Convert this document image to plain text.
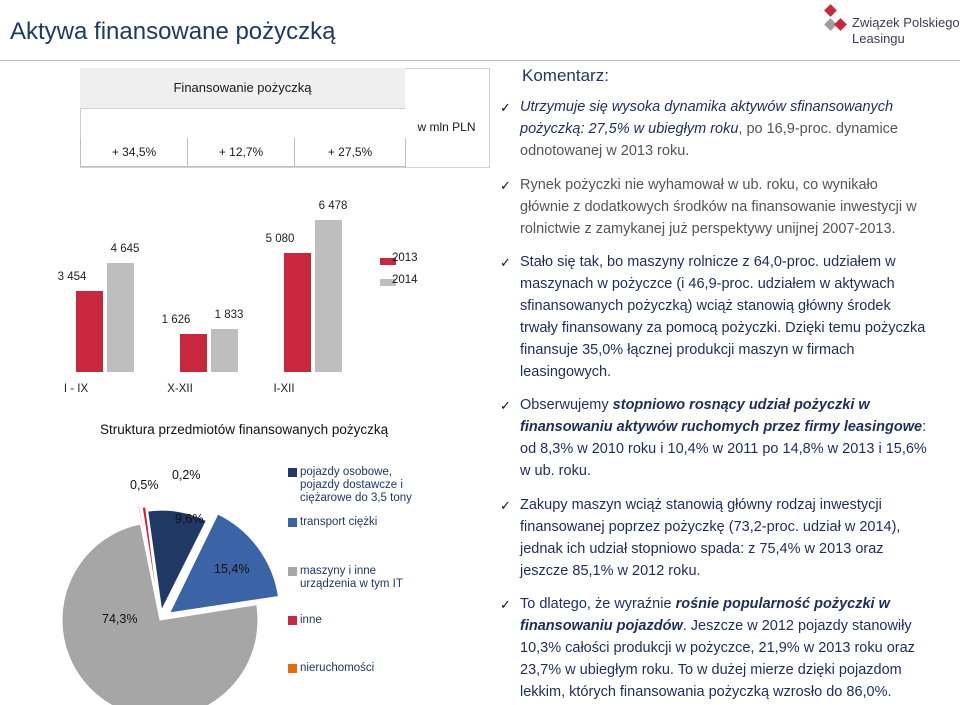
Aktywa finansowane pożyczką	Związek Polskiego
Leasingu
Finansowanie pożyczką
w mln PLN
+ 34,5%	+ 12,7%	+ 27,5%
3 454
4 645
I - IX
1 626	1 833
X-XII
5 080
6 478
I-XII
2013
2014
Struktura przedmiotów finansowanych pożyczką
9,6%
15,4%
74,3%
0,5%
0,2%	pojazdy osobowe,
pojazdy dostawcze i
ciężarowe do 3,5 tony
transport ciężki
maszyny i inne
urządzenia w tym IT
inne
nieruchomości
Komentarz:
✓ Utrzymuje się wysoka dynamika aktywów sfinansowanych
pożyczką: 27,5% w ubiegłym roku, po 16,9-proc. dynamice
odnotowanej w 2013 roku.
✓ Rynek pożyczki nie wyhamował w ub. roku, co wynikało
głównie z dodatkowych środków na finansowanie inwestycji w
rolnictwie z zamykanej już perspektywy unijnej 2007-2013.
✓ Stało się tak, bo maszyny rolnicze z 64,0-proc. udziałem w
maszynach w pożyczce (i 46,9-proc. udziałem w aktywach
sfinansowanych pożyczką) wciąż stanowią główny środek
trwały finansowany za pomocą pożyczki. Dzięki temu pożyczka
finansuje 35,0% łącznej produkcji maszyn w firmach
leasingowych.
✓ Obserwujemy stopniowo rosnący udział pożyczki w
finansowaniu aktywów ruchomych przez firmy leasingowe:
od 8,3% w 2010 roku i 10,4% w 2011 po 14,8% w 2013 i 15,6%
w ub. roku.
✓ Zakupy maszyn wciąż stanowią główny rodzaj inwestycji
finansowanej poprzez pożyczkę (73,2-proc. udział w 2014),
jednak ich udział stopniowo spada: z 75,4% w 2013 oraz
jeszcze 85,1% w 2012 roku.
✓ To dlatego, że wyraźnie rośnie popularność pożyczki w
finansowaniu pojazdów. Jeszcze w 2012 pojazdy stanowiły
10,3% całości produkcji w pożyczce, 21,9% w 2013 roku oraz
23,7% w ubiegłym roku. To w dużej mierze dzięki pojazdom
lekkim, których finansowania pożyczką wzrosło do 86,0%.
